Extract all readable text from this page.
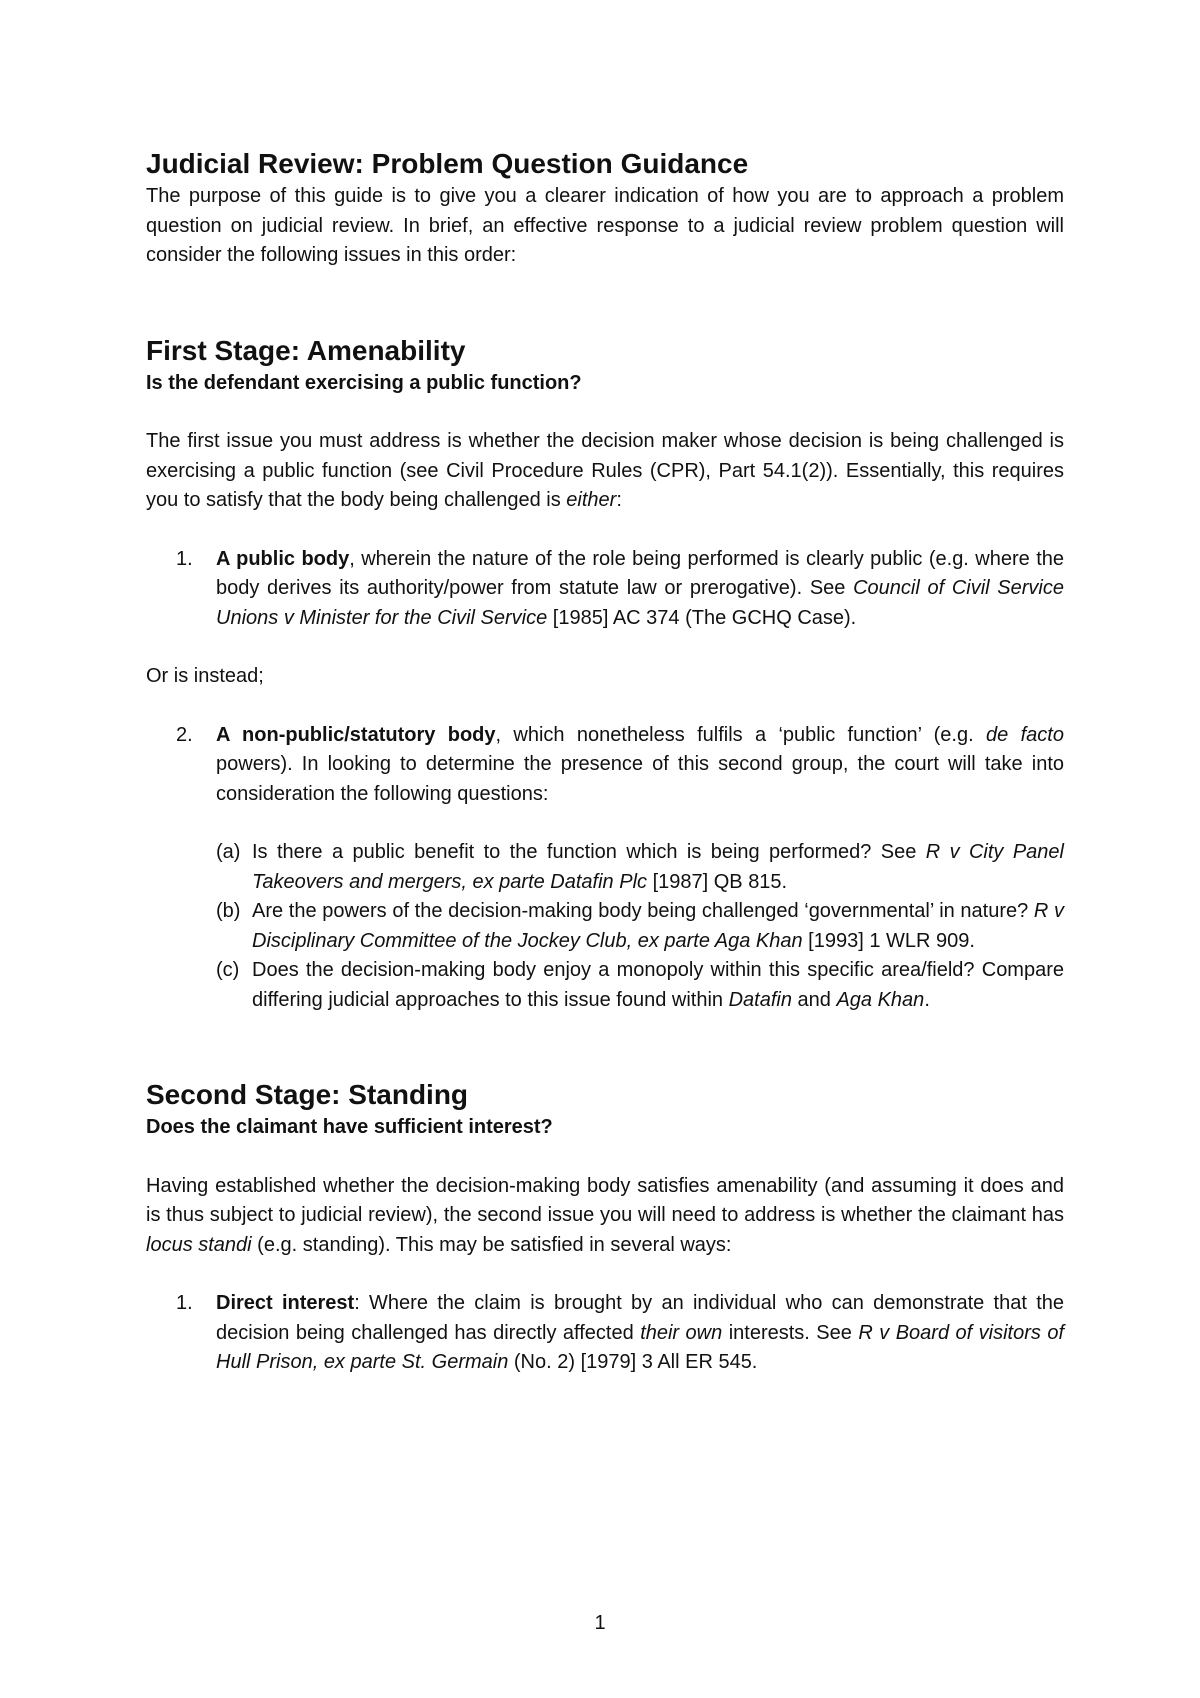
Judicial Review: Problem Question Guidance

The purpose of this guide is to give you a clearer indication of how you are to approach a problem question on judicial review. In brief, an effective response to a judicial review problem question will consider the following issues in this order:

First Stage: Amenability

Is the defendant exercising a public function?

The first issue you must address is whether the decision maker whose decision is being challenged is exercising a public function (see Civil Procedure Rules (CPR), Part 54.1(2)). Essentially, this requires you to satisfy that the body being challenged is either:

1.	A public body, wherein the nature of the role being performed is clearly public (e.g. where the body derives its authority/power from statute law or prerogative). See Council of Civil Service Unions v Minister for the Civil Service [1985] AC 374 (The GCHQ Case).

Or is instead;

2.	A non-public/statutory body, which nonetheless fulfils a ‘public function’ (e.g. de facto powers). In looking to determine the presence of this second group, the court will take into consideration the following questions:
(a) Is there a public benefit to the function which is being performed? See R v City Panel Takeovers and mergers, ex parte Datafin Plc [1987] QB 815.
(b) Are the powers of the decision-making body being challenged ‘governmental’ in nature? R v Disciplinary Committee of the Jockey Club, ex parte Aga Khan [1993] 1 WLR 909.
(c) Does the decision-making body enjoy a monopoly within this specific area/field? Compare differing judicial approaches to this issue found within Datafin and Aga Khan.
Second Stage: Standing

Does the claimant have sufficient interest?

Having established whether the decision-making body satisfies amenability (and assuming it does and is thus subject to judicial review), the second issue you will need to address is whether the claimant has locus standi (e.g. standing). This may be satisfied in several ways:

1.	Direct interest: Where the claim is brought by an individual who can demonstrate that the decision being challenged has directly affected their own interests. See R v Board of visitors of Hull Prison, ex parte St. Germain (No. 2) [1979] 3 All ER 545.
1
